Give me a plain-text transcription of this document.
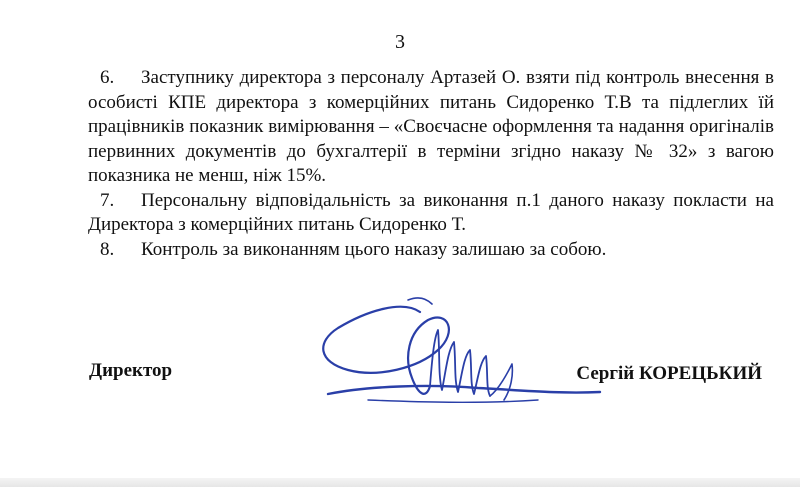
3

6. Заступнику директора з персоналу Артазей О. взяти під контроль внесення в особисті КПЕ директора з комерційних питань Сидоренко Т.В та підлеглих їй працівників показник вимірювання – «Своєчасне оформлення та надання оригіналів первинних документів до бухгалтерії в терміни згідно наказу № 32» з вагою показника не менш, ніж 15%.

7. Персональну відповідальність за виконання п.1 даного наказу покласти на Директора з комерційних питань Сидоренко Т.

8. Контроль за виконанням цього наказу залишаю за собою.

Директор	Сергій КОРЕЦЬКИЙ
